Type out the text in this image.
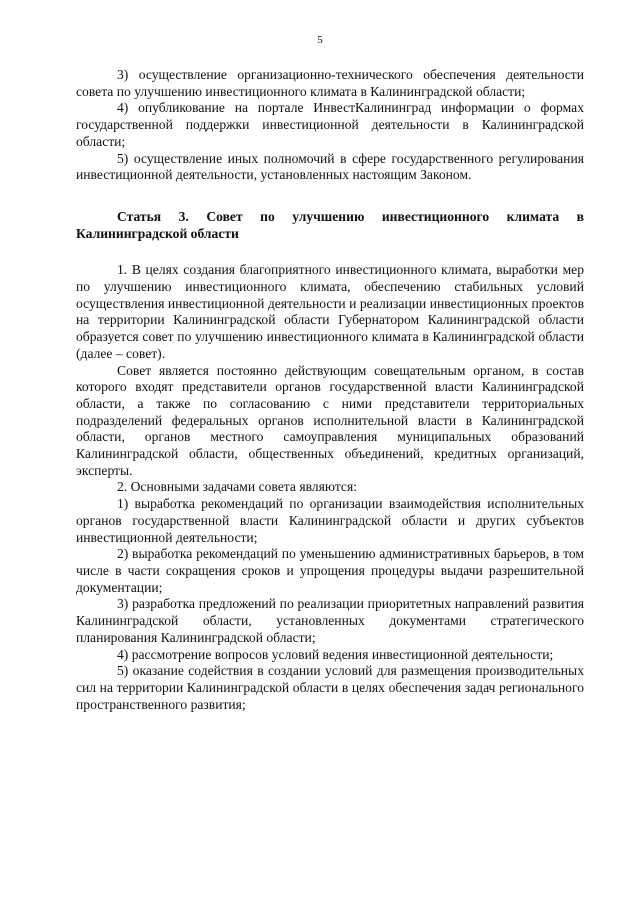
5

3) осуществление организационно-технического обеспечения деятельности совета по улучшению инвестиционного климата в Калининградской области;

4) опубликование на портале ИнвестКалининград информации о формах государственной поддержки инвестиционной деятельности в Калининградской области;

5) осуществление иных полномочий в сфере государственного регулирования инвестиционной деятельности, установленных настоящим Законом.

Статья 3. Совет по улучшению инвестиционного климата в Калининградской области

1. В целях создания благоприятного инвестиционного климата, выработки мер по улучшению инвестиционного климата, обеспечению стабильных условий осуществления инвестиционной деятельности и реализации инвестиционных проектов на территории Калининградской области Губернатором Калининградской области образуется совет по улучшению инвестиционного климата в Калининградской области (далее – совет).

Совет является постоянно действующим совещательным органом, в состав которого входят представители органов государственной власти Калининградской области, а также по согласованию с ними представители территориальных подразделений федеральных органов исполнительной власти в Калининградской области, органов местного самоуправления муниципальных образований Калининградской области, общественных объединений, кредитных организаций, эксперты.

2. Основными задачами совета являются:

1) выработка рекомендаций по организации взаимодействия исполнительных органов государственной власти Калининградской области и других субъектов инвестиционной деятельности;

2) выработка рекомендаций по уменьшению административных барьеров, в том числе в части сокращения сроков и упрощения процедуры выдачи разрешительной документации;

3) разработка предложений по реализации приоритетных направлений развития Калининградской области, установленных документами стратегического планирования Калининградской области;

4) рассмотрение вопросов условий ведения инвестиционной деятельности;

5) оказание содействия в создании условий для размещения производительных сил на территории Калининградской области в целях обеспечения задач регионального пространственного развития;
